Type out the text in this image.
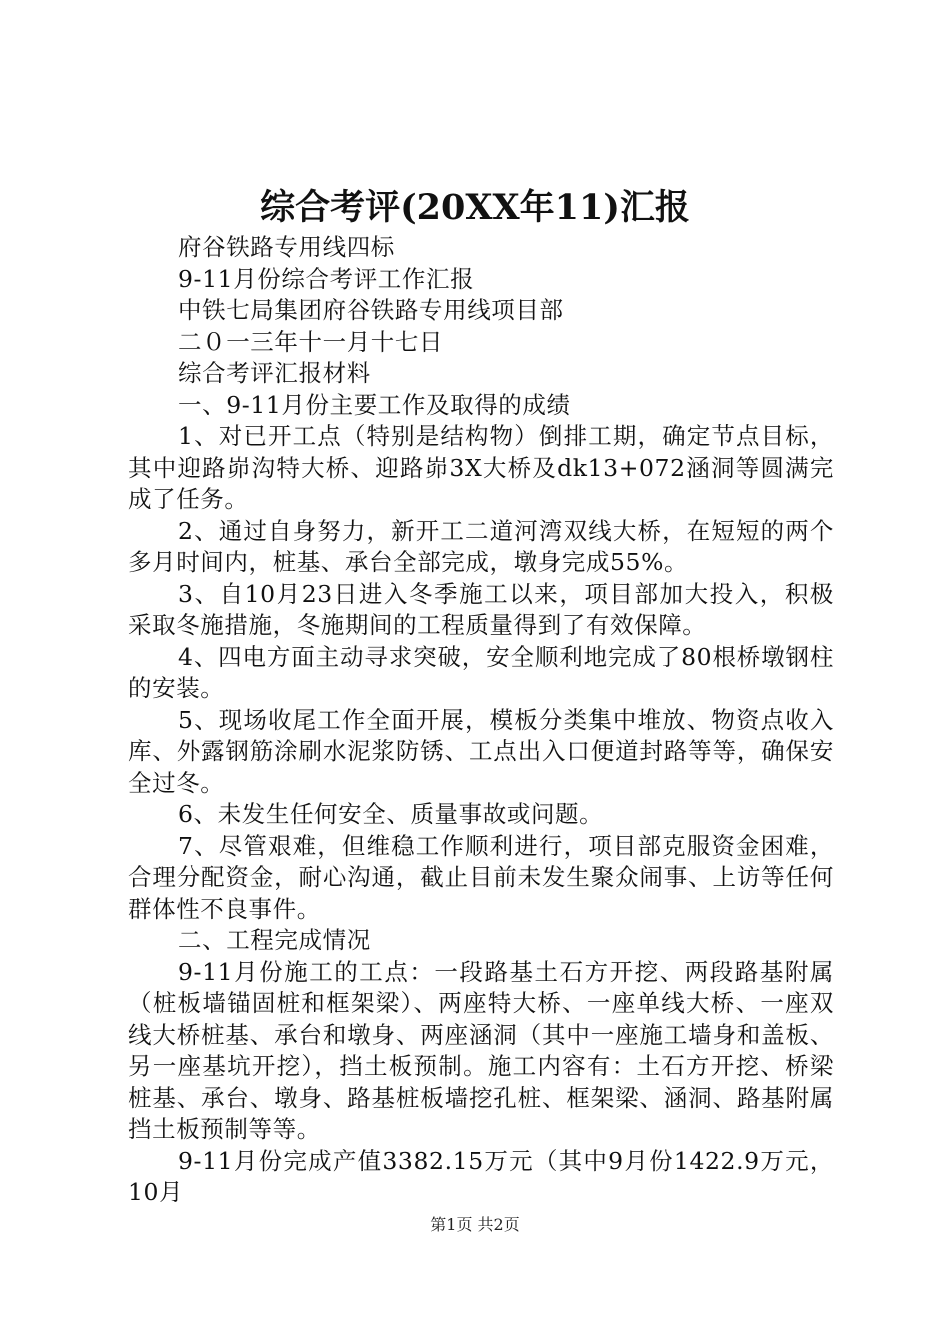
综合考评(20XX年11)汇报

府谷铁路专用线四标

9-11月份综合考评工作汇报

中铁七局集团府谷铁路专用线项目部

二０一三年十一月十七日

综合考评汇报材料

一、9-11月份主要工作及取得的成绩

1、对已开工点（特别是结构物）倒排工期，确定节点目标，其中迎路峁沟特大桥、迎路峁3X大桥及dk13+072涵洞等圆满完成了任务。

2、通过自身努力，新开工二道河湾双线大桥，在短短的两个多月时间内，桩基、承台全部完成，墩身完成55%。

3、自10月23日进入冬季施工以来，项目部加大投入，积极采取冬施措施，冬施期间的工程质量得到了有效保障。

4、四电方面主动寻求突破，安全顺利地完成了80根桥墩钢柱的安装。

5、现场收尾工作全面开展，模板分类集中堆放、物资点收入库、外露钢筋涂刷水泥浆防锈、工点出入口便道封路等等，确保安全过冬。

6、未发生任何安全、质量事故或问题。

7、尽管艰难，但维稳工作顺利进行，项目部克服资金困难，合理分配资金，耐心沟通，截止目前未发生聚众闹事、上访等任何群体性不良事件。

二、工程完成情况

9-11月份施工的工点：一段路基土石方开挖、两段路基附属（桩板墙锚固桩和框架梁）、两座特大桥、一座单线大桥、一座双线大桥桩基、承台和墩身、两座涵洞（其中一座施工墙身和盖板、另一座基坑开挖），挡土板预制。施工内容有：土石方开挖、桥梁桩基、承台、墩身、路基桩板墙挖孔桩、框架梁、涵洞、路基附属挡土板预制等等。

9-11月份完成产值3382.15万元（其中9月份1422.9万元，10月

第1页 共2页
